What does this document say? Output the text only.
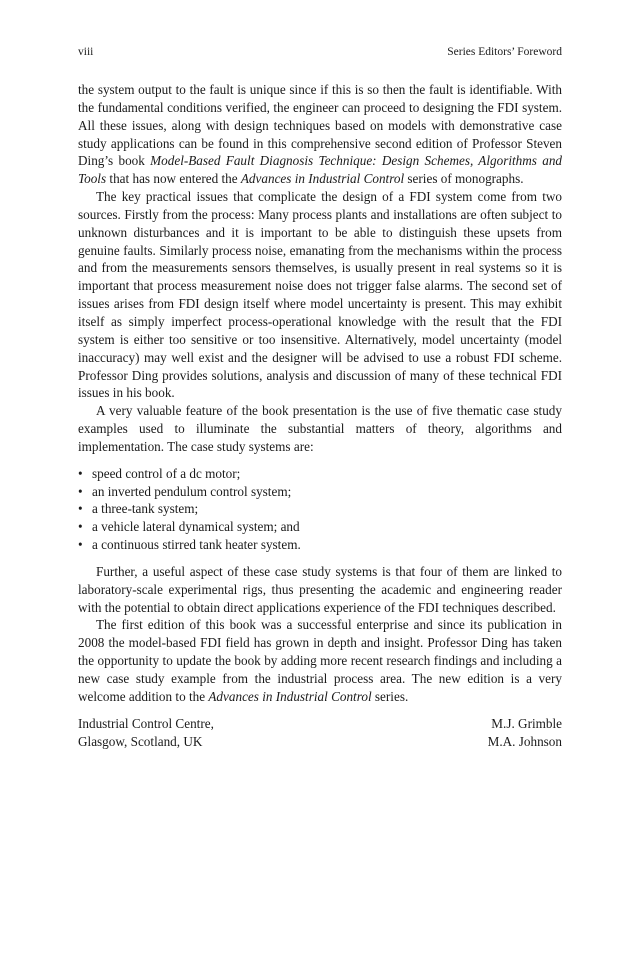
viii	Series Editors’ Foreword

the system output to the fault is unique since if this is so then the fault is identifiable. With the fundamental conditions verified, the engineer can proceed to designing the FDI system. All these issues, along with design techniques based on models with demonstrative case study applications can be found in this comprehensive second edition of Professor Steven Ding’s book Model-Based Fault Diagnosis Technique: Design Schemes, Algorithms and Tools that has now entered the Advances in Industrial Control series of monographs.

The key practical issues that complicate the design of a FDI system come from two sources. Firstly from the process: Many process plants and installations are often subject to unknown disturbances and it is important to be able to distinguish these upsets from genuine faults. Similarly process noise, emanating from the mechanisms within the process and from the measurements sensors themselves, is usually present in real systems so it is important that process measurement noise does not trigger false alarms. The second set of issues arises from FDI design itself where model uncertainty is present. This may exhibit itself as simply imperfect process-operational knowledge with the result that the FDI system is either too sensitive or too insensitive. Alternatively, model uncertainty (model inaccuracy) may well exist and the designer will be advised to use a robust FDI scheme. Professor Ding provides solutions, analysis and discussion of many of these technical FDI issues in his book.

A very valuable feature of the book presentation is the use of five thematic case study examples used to illuminate the substantial matters of theory, algorithms and implementation. The case study systems are:

• speed control of a dc motor;
• an inverted pendulum control system;
• a three-tank system;
• a vehicle lateral dynamical system; and
• a continuous stirred tank heater system.

Further, a useful aspect of these case study systems is that four of them are linked to laboratory-scale experimental rigs, thus presenting the academic and engineering reader with the potential to obtain direct applications experience of the FDI techniques described.

The first edition of this book was a successful enterprise and since its publication in 2008 the model-based FDI field has grown in depth and insight. Professor Ding has taken the opportunity to update the book by adding more recent research findings and including a new case study example from the industrial process area. The new edition is a very welcome addition to the Advances in Industrial Control series.

Industrial Control Centre,
Glasgow, Scotland, UK
M.J. Grimble
M.A. Johnson
